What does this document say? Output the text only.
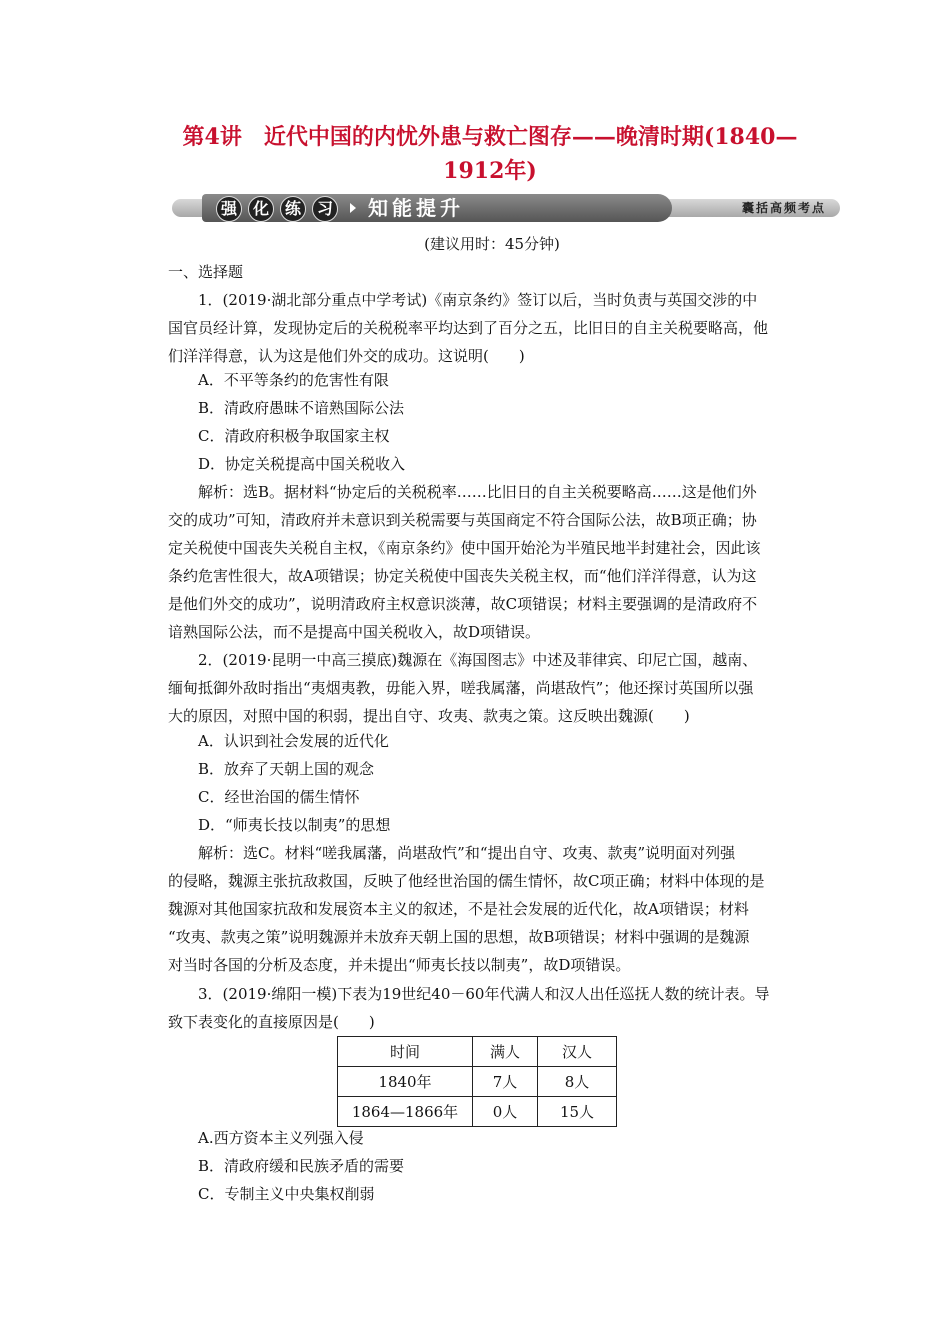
第4讲　近代中国的内忧外患与救亡图存——晚清时期(1840—
1912年)
强 化 练 习 知能提升	囊括高频考点
(建议用时：45分钟)
一、选择题
1．(2019·湖北部分重点中学考试)《南京条约》签订以后，当时负责与英国交涉的中
国官员经计算，发现协定后的关税税率平均达到了百分之五，比旧日的自主关税要略高，他
们洋洋得意，认为这是他们外交的成功。这说明(　　)
A．不平等条约的危害性有限
B．清政府愚昧不谙熟国际公法
C．清政府积极争取国家主权
D．协定关税提高中国关税收入
解析：选B。据材料“协定后的关税税率……比旧日的自主关税要略高……这是他们外
交的成功”可知，清政府并未意识到关税需要与英国商定不符合国际公法，故B项正确；协
定关税使中国丧失关税自主权，《南京条约》使中国开始沦为半殖民地半封建社会，因此该
条约危害性很大，故A项错误；协定关税使中国丧失关税主权，而“他们洋洋得意，认为这
是他们外交的成功”，说明清政府主权意识淡薄，故C项错误；材料主要强调的是清政府不
谙熟国际公法，而不是提高中国关税收入，故D项错误。
2．(2019·昆明一中高三摸底)魏源在《海国图志》中述及菲律宾、印尼亡国，越南、
缅甸抵御外敌时指出“夷烟夷教，毋能入界，嗟我属藩，尚堪敌忾”；他还探讨英国所以强
大的原因，对照中国的积弱，提出自守、攻夷、款夷之策。这反映出魏源(　　)
A．认识到社会发展的近代化
B．放弃了天朝上国的观念
C．经世治国的儒生情怀
D．“师夷长技以制夷”的思想
解析：选C。材料“嗟我属藩，尚堪敌忾”和“提出自守、攻夷、款夷”说明面对列强
的侵略，魏源主张抗敌救国，反映了他经世治国的儒生情怀，故C项正确；材料中体现的是
魏源对其他国家抗敌和发展资本主义的叙述，不是社会发展的近代化，故A项错误；材料
“攻夷、款夷之策”说明魏源并未放弃天朝上国的思想，故B项错误；材料中强调的是魏源
对当时各国的分析及态度，并未提出“师夷长技以制夷”，故D项错误。
3．(2019·绵阳一模)下表为19世纪40－60年代满人和汉人出任巡抚人数的统计表。导
致下表变化的直接原因是(　　)
时间	满人	汉人
1840年	7人	8人
1864—1866年	0人	15人
A.西方资本主义列强入侵
B．清政府缓和民族矛盾的需要
C．专制主义中央集权削弱
